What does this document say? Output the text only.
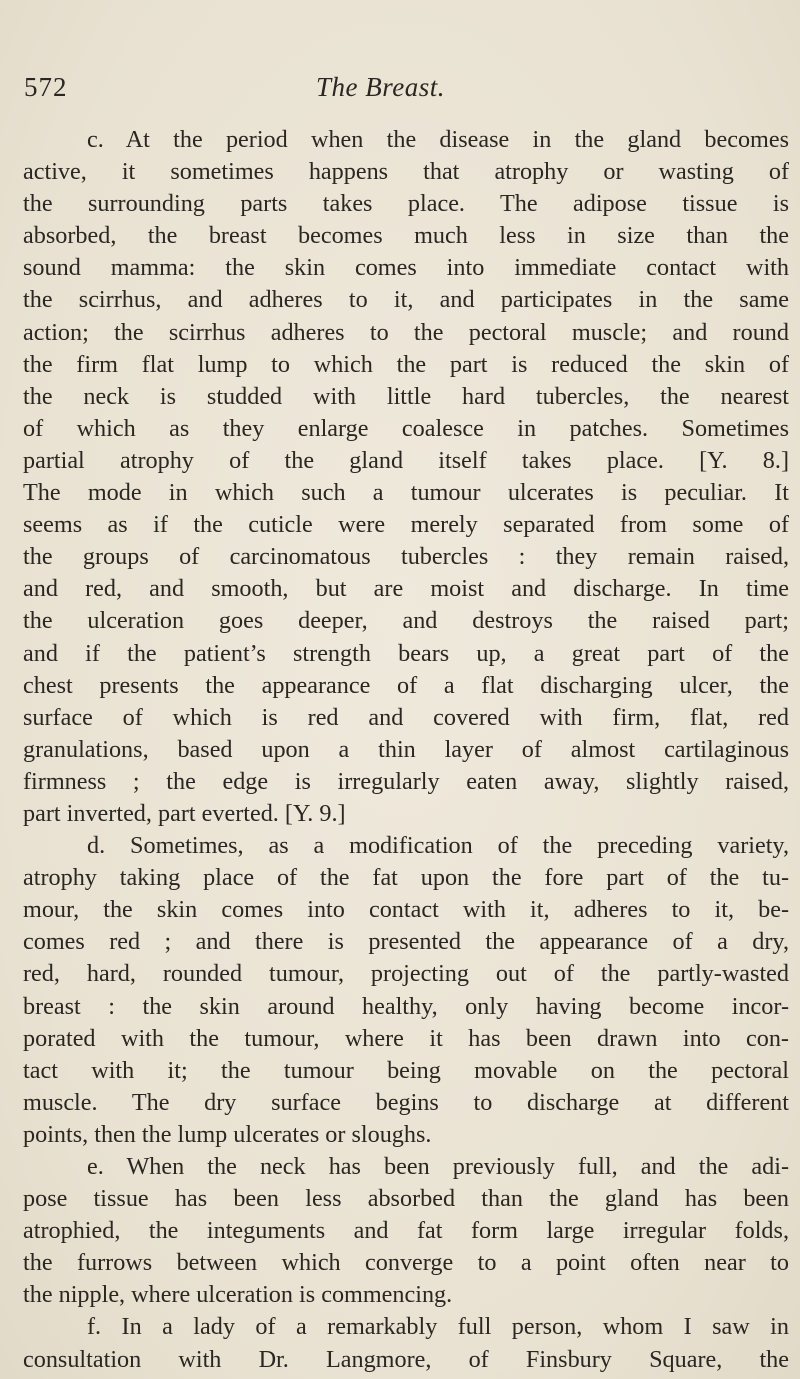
572	The Breast.
c. At the period when the disease in the gland becomes
active, it sometimes happens that atrophy or wasting of
the surrounding parts takes place. The adipose tissue is
absorbed, the breast becomes much less in size than the
sound mamma: the skin comes into immediate contact with
the scirrhus, and adheres to it, and participates in the same
action; the scirrhus adheres to the pectoral muscle; and round
the firm flat lump to which the part is reduced the skin of
the neck is studded with little hard tubercles, the nearest
of which as they enlarge coalesce in patches. Sometimes
partial atrophy of the gland itself takes place. [Y. 8.]
The mode in which such a tumour ulcerates is peculiar. It
seems as if the cuticle were merely separated from some of
the groups of carcinomatous tubercles : they remain raised,
and red, and smooth, but are moist and discharge. In time
the ulceration goes deeper, and destroys the raised part;
and if the patient’s strength bears up, a great part of the
chest presents the appearance of a flat discharging ulcer, the
surface of which is red and covered with firm, flat, red
granulations, based upon a thin layer of almost cartilaginous
firmness ; the edge is irregularly eaten away, slightly raised,
part inverted, part everted. [Y. 9.]
d. Sometimes, as a modification of the preceding variety,
atrophy taking place of the fat upon the fore part of the tu-
mour, the skin comes into contact with it, adheres to it, be-
comes red ; and there is presented the appearance of a dry,
red, hard, rounded tumour, projecting out of the partly-wasted
breast : the skin around healthy, only having become incor-
porated with the tumour, where it has been drawn into con-
tact with it; the tumour being movable on the pectoral
muscle. The dry surface begins to discharge at different
points, then the lump ulcerates or sloughs.
e. When the neck has been previously full, and the adi-
pose tissue has been less absorbed than the gland has been
atrophied, the integuments and fat form large irregular folds,
the furrows between which converge to a point often near to
the nipple, where ulceration is commencing.
f. In a lady of a remarkably full person, whom I saw in
consultation with Dr. Langmore, of Finsbury Square, the
